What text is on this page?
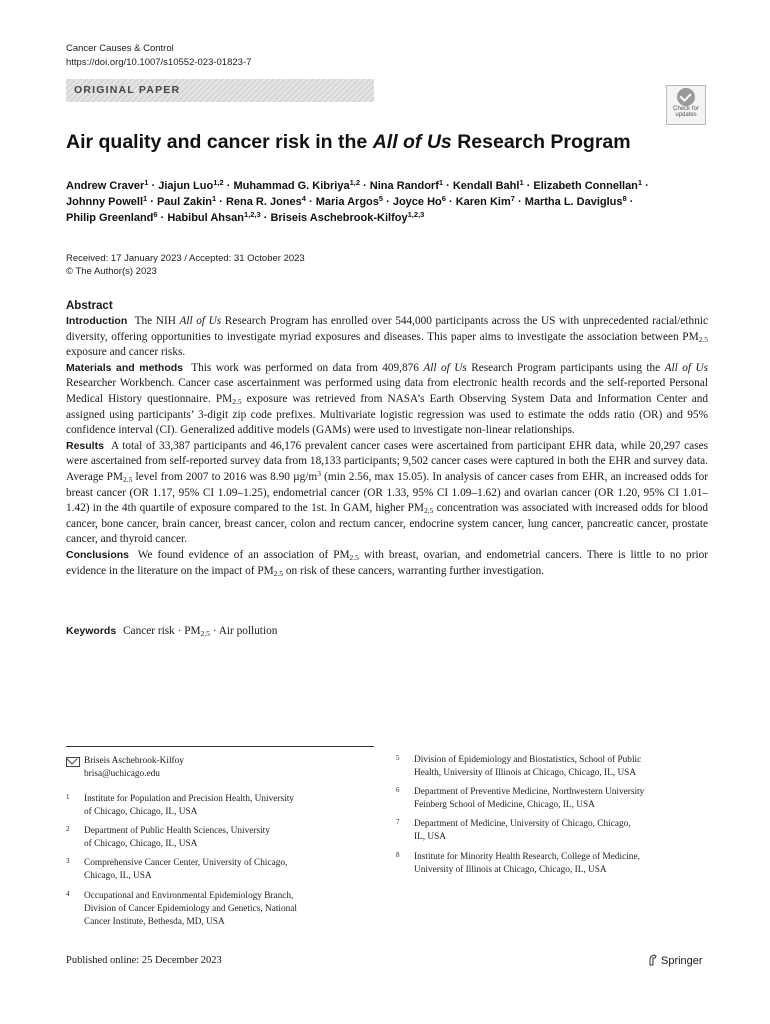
Cancer Causes & Control
https://doi.org/10.1007/s10552-023-01823-7
ORIGINAL PAPER
Check for
updates
Air quality and cancer risk in the All of Us Research Program
Andrew Craver$^1$ · Jiajun Luo$^{1,2}$ · Muhammad G. Kibriya$^{1,2}$ · Nina Randorf$^1$ · Kendall Bahl$^1$ · Elizabeth Connellan$^1$ ·
Johnny Powell$^1$ · Paul Zakin$^1$ · Rena R. Jones$^4$ · Maria Argos$^5$ · Joyce $Ho^6$ · Karen Kim$^7$ · Martha L. Daviglus$^8$ ·
Philip Greenland$^6$ · Habibul Ahsan$^{1,2,3}$ · Briseis Aschebrook-Kilfoy$^{1,2,3}$
Received: 17 January 2023 / Accepted: 31 October 2023
© The Author(s) 2023
Abstract
Introduction The NIH All of Us Research Program has enrolled over 544,000 participants across the US with unprecedented racial/ethnic diversity, offering opportunities to investigate myriad exposures and diseases. This paper aims to investigate the association between $PM_{2.5}$ exposure and cancer risks.
Materials and methods This work was performed on data from 409,876 All of Us Research Program participants using the All of Us Researcher Workbench. Cancer case ascertainment was performed using data from electronic health records and the self-reported Personal Medical History questionnaire. $PM_{2.5}$ exposure was retrieved from NASA’s Earth Observing System Data and Information Center and assigned using participants’ 3-digit zip code prefixes. Multivariate logistic regression was used to estimate the odds ratio (OR) and 95% confidence interval (CI). Generalized additive models (GAMs) were used to investigate non-linear relationships.
Results A total of 33,387 participants and 46,176 prevalent cancer cases were ascertained from participant EHR data, while 20,297 cases were ascertained from self-reported survey data from 18,133 participants; 9,502 cancer cases were captured in both the EHR and survey data. Average $PM_{2.5}$ level from 2007 to 2016 was 8.90 $\mu g/m^3$ (min 2.56, max 15.05). In analysis of cancer cases from EHR, an increased odds for breast cancer (OR 1.17, 95% CI 1.09–1.25), endometrial cancer (OR 1.33, 95% CI 1.09–1.62) and ovarian cancer (OR 1.20, 95% CI 1.01–1.42) in the 4th quartile of exposure compared to the 1st. In GAM, higher $PM_{2.5}$ concentration was associated with increased odds for blood cancer, bone cancer, brain cancer, breast cancer, colon and rectum cancer, endocrine system cancer, lung cancer, pancreatic cancer, prostate cancer, and thyroid cancer.
Conclusions We found evidence of an association of $PM_{2.5}$ with breast, ovarian, and endometrial cancers. There is little to no prior evidence in the literature on the impact of $PM_{2.5}$ on risk of these cancers, warranting further investigation.
Keywords Cancer risk · $PM_{2.5}$ · Air pollution
Briseis Aschebrook-Kilfoy
brisa@uchicago.edu
1 Institute for Population and Precision Health, University
of Chicago, Chicago, IL, USA
2 Department of Public Health Sciences, University
of Chicago, Chicago, IL, USA
3 Comprehensive Cancer Center, University of Chicago,
Chicago, IL, USA
4 Occupational and Environmental Epidemiology Branch,
Division of Cancer Epidemiology and Genetics, National
Cancer Institute, Bethesda, MD, USA
5 Division of Epidemiology and Biostatistics, School of Public
Health, University of Illinois at Chicago, Chicago, IL, USA
6 Department of Preventive Medicine, Northwestern University
Feinberg School of Medicine, Chicago, IL, USA
7 Department of Medicine, University of Chicago, Chicago,
IL, USA
8 Institute for Minority Health Research, College of Medicine,
University of Illinois at Chicago, Chicago, IL, USA
Published online: 25 December 2023	Springer
